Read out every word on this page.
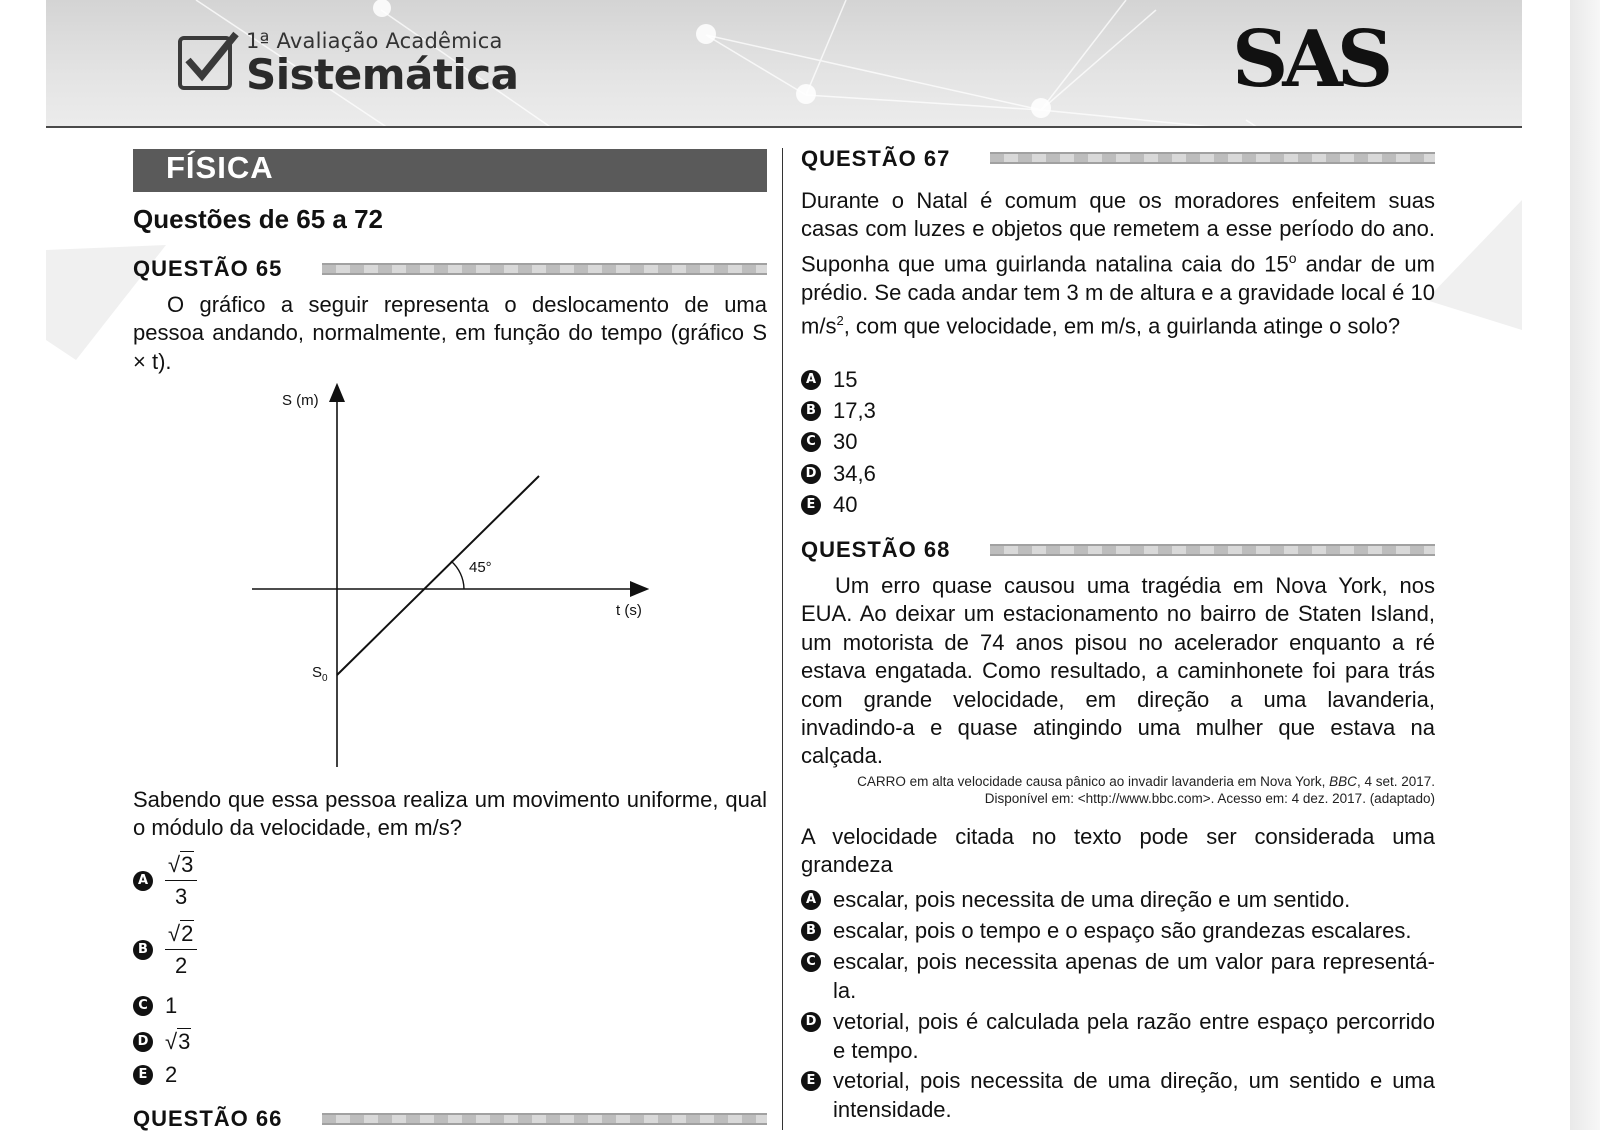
1ª Avaliação Acadêmica
Sistemática	SAS
FÍSICA
Questões de 65 a 72
QUESTÃO 65
O gráfico a seguir representa o deslocamento de uma pessoa andando, normalmente, em função do tempo (gráfico S × t).
S (m)
t (s)
45°
$S_0$
Sabendo que essa pessoa realiza um movimento uniforme, qual o módulo da velocidade, em m/s?
A $\frac{√3}{3}$
B $\frac{√2}{2}$
C 1
D √3
E 2
QUESTÃO 66
QUESTÃO 67
Durante o Natal é comum que os moradores enfeitem suas casas com luzes e objetos que remetem a esse período do ano. Suponha que uma guirlanda natalina caia do 15$^o$ andar de um prédio. Se cada andar tem 3 m de altura e a gravidade local é 10 $m/s^2$, com que velocidade, em m/s, a guirlanda atinge o solo?
A 15
B 17,3
C 30
D 34,6
E 40
QUESTÃO 68
Um erro quase causou uma tragédia em Nova York, nos EUA. Ao deixar um estacionamento no bairro de Staten Island, um motorista de 74 anos pisou no acelerador enquanto a ré estava engatada. Como resultado, a caminhonete foi para trás com grande velocidade, em direção a uma lavanderia, invadindo-a e quase atingindo uma mulher que estava na calçada.
CARRO em alta velocidade causa pânico ao invadir lavanderia em Nova York, BBC, 4 set. 2017.
Disponível em: <http://www.bbc.com>. Acesso em: 4 dez. 2017. (adaptado)
A velocidade citada no texto pode ser considerada uma grandeza
A escalar, pois necessita de uma direção e um sentido.
B escalar, pois o tempo e o espaço são grandezas escalares.
C escalar, pois necessita apenas de um valor para representá-la.
D vetorial, pois é calculada pela razão entre espaço percorrido e tempo.
E vetorial, pois necessita de uma direção, um sentido e uma intensidade.
